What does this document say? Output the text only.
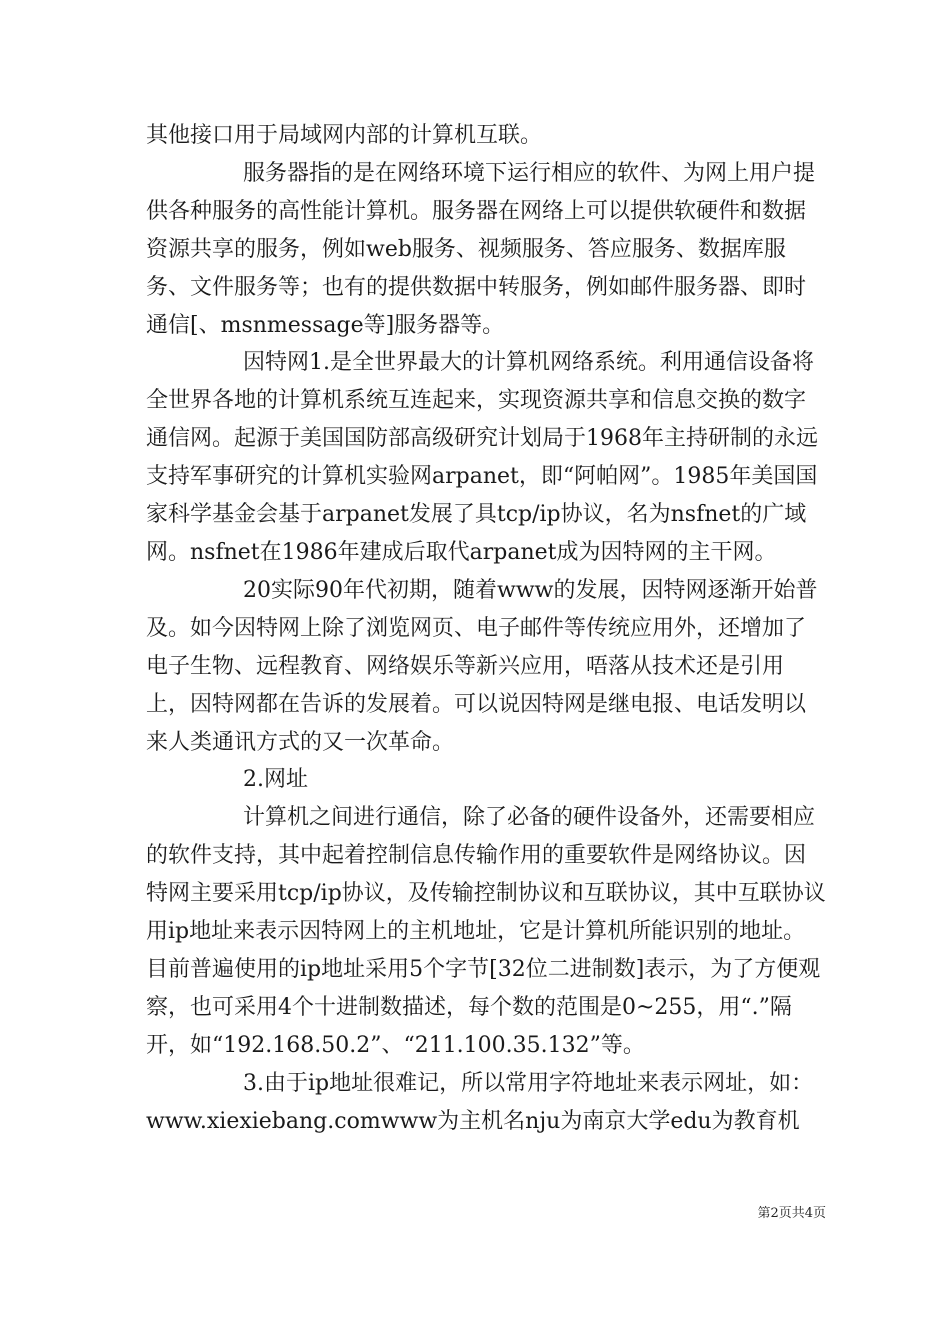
其他接口用于局域网内部的计算机互联。

服务器指的是在网络环境下运行相应的软件、为网上用户提供各种服务的高性能计算机。服务器在网络上可以提供软硬件和数据资源共享的服务，例如web服务、视频服务、答应服务、数据库服务、文件服务等；也有的提供数据中转服务，例如邮件服务器、即时通信[、msnmessage等]服务器等。

因特网1.是全世界最大的计算机网络系统。利用通信设备将全世界各地的计算机系统互连起来，实现资源共享和信息交换的数字通信网。起源于美国国防部高级研究计划局于1968年主持研制的永远支持军事研究的计算机实验网arpanet，即“阿帕网”。1985年美国国家科学基金会基于arpanet发展了具tcp/ip协议，名为nsfnet的广域网。nsfnet在1986年建成后取代arpanet成为因特网的主干网。

20实际90年代初期，随着www的发展，因特网逐渐开始普及。如今因特网上除了浏览网页、电子邮件等传统应用外，还增加了电子生物、远程教育、网络娱乐等新兴应用，唔落从技术还是引用上，因特网都在告诉的发展着。可以说因特网是继电报、电话发明以来人类通讯方式的又一次革命。

2.网址

计算机之间进行通信，除了必备的硬件设备外，还需要相应的软件支持，其中起着控制信息传输作用的重要软件是网络协议。因特网主要采用tcp/ip协议，及传输控制协议和互联协议，其中互联协议用ip地址来表示因特网上的主机地址，它是计算机所能识别的地址。目前普遍使用的ip地址采用5个字节[32位二进制数]表示，为了方便观察，也可采用4个十进制数描述，每个数的范围是0~255，用“.”隔开，如“192.168.50.2”、“211.100.35.132”等。

3.由于ip地址很难记，所以常用字符地址来表示网址，如：www.xiexiebang.comwww为主机名nju为南京大学edu为教育机

第2页共4页
